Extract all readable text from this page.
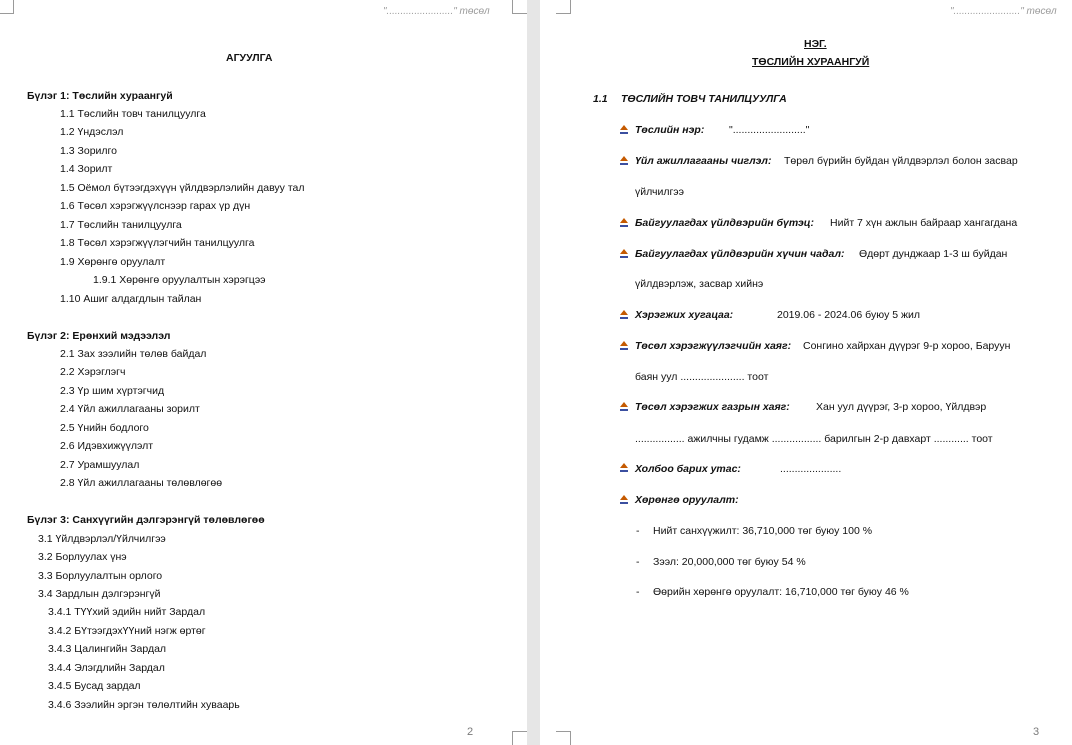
"........................" төсөл
АГУУЛГА
Бүлэг 1: Төслийн хураангуй
1.1 Төслийн товч танилцуулга
1.2 Үндэслэл
1.3 Зорилго
1.4 Зорилт
1.5 Оёмол бүтээгдэхүүн үйлдвэрлэлийн давуу тал
1.6 Төсөл хэрэгжүүлснээр гарах үр дүн
1.7 Төслийн танилцуулга
1.8 Төсөл хэрэгжүүлэгчийн танилцуулга
1.9 Хөрөнгө оруулалт
1.9.1 Хөрөнгө оруулалтын хэрэгцээ
1.10 Ашиг алдагдлын тайлан
Бүлэг 2: Ерөнхий мэдээлэл
2.1 Зах зээлийн төлөв байдал
2.2 Хэрэглэгч
2.3 Үр шим хүртэгчид
2.4 Үйл ажиллагааны зорилт
2.5 Үнийн бодлого
2.6 Идэвхижүүлэлт
2.7 Урамшуулал
2.8 Үйл ажиллагааны төлөвлөгөө
Бүлэг 3: Санхүүгийн дэлгэрэнгүй төлөвлөгөө
3.1 Үйлдвэрлэл/Үйлчилгээ
3.2 Борлуулах үнэ
3.3 Борлуулалтын орлого
3.4 Зардлын дэлгэрэнгүй
3.4.1 ТҮҮхий эдийн нийт Зардал
3.4.2 БҮтээгдэхҮҮний нэгж өртөг
3.4.3 Цалингийн Зардал
3.4.4 Элэгдлийн Зардал
3.4.5 Бусад зардал
3.4.6 Зээлийн эргэн төлөлтийн хуваарь
2
"........................" төсөл
НЭГ.
ТӨСЛИЙН ХУРААНГУЙ
1.1 ТӨСЛИЙН ТОВЧ ТАНИЛЦУУЛГА
Төслийн нэр: "........................."
Үйл ажиллагааны чиглэл: Төрөл бүрийн буйдан үйлдвэрлэл болон засвар
үйлчилгээ
Байгуулагдах үйлдвэрийн бүтэц: Нийт 7 хүн ажлын байраар хангагдана
Байгуулагдах үйлдвэрийн хүчин чадал: Өдөрт дунджаар 1-3 ш буйдан
үйлдвэрлэж, засвар хийнэ
Хэрэгжих хугацаа:	2019.06 - 2024.06 буюу 5 жил
Төсөл хэрэгжүүлэгчийн хаяг: Сонгино хайрхан дүүрэг 9-р хороо, Баруун
баян уул ...................... тоот
Төсөл хэрэгжих газрын хаяг:	Хан уул дүүрэг, 3-р хороо, Үйлдвэр
................. ажилчны гудамж ................. барилгын 2-р давхарт ............ тоот
Холбоо барих утас:	.....................
Хөрөнгө оруулалт:
- Нийт санхүүжилт: 36,710,000 төг буюу 100 %
- Зээл: 20,000,000 төг буюу 54 %
- Өөрийн хөрөнгө оруулалт: 16,710,000 төг буюу 46 %
3
